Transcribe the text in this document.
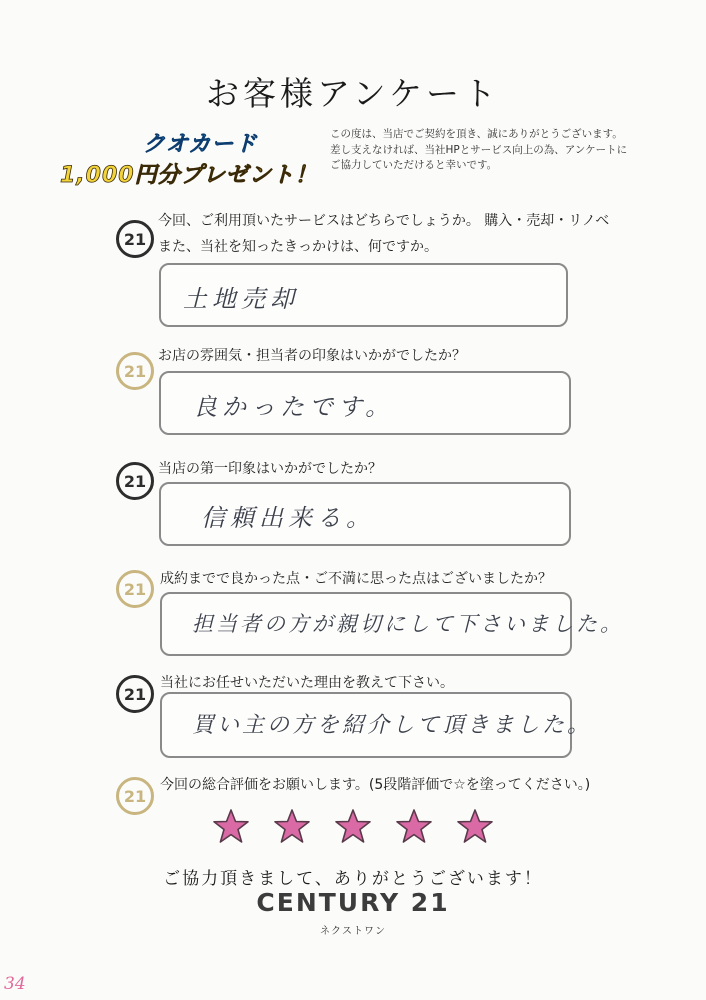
お客様アンケート
クオカード
1,000円分プレゼント！
この度は、当店でご契約を頂き、誠にありがとうございます。
差し支えなければ、当社HPとサービス向上の為、アンケートに
ご協力していただけると幸いです。
21
今回、ご利用頂いたサービスはどちらでしょうか。 購入・売却・リノベ
また、当社を知ったきっかけは、何ですか。
土地売却
21
お店の雰囲気・担当者の印象はいかがでしたか？
良かったです。
21
当店の第一印象はいかがでしたか？
信頼出来る。
21
成約までで良かった点・ご不満に思った点はございましたか？
担当者の方が親切にして下さいました。
21
当社にお任せいただいた理由を教えて下さい。
買い主の方を紹介して頂きました。
21
今回の総合評価をお願いします。(5段階評価で☆を塗ってください。)

ご協力頂きまして、ありがとうございます！
CENTURY 21
ネクストワン
34
